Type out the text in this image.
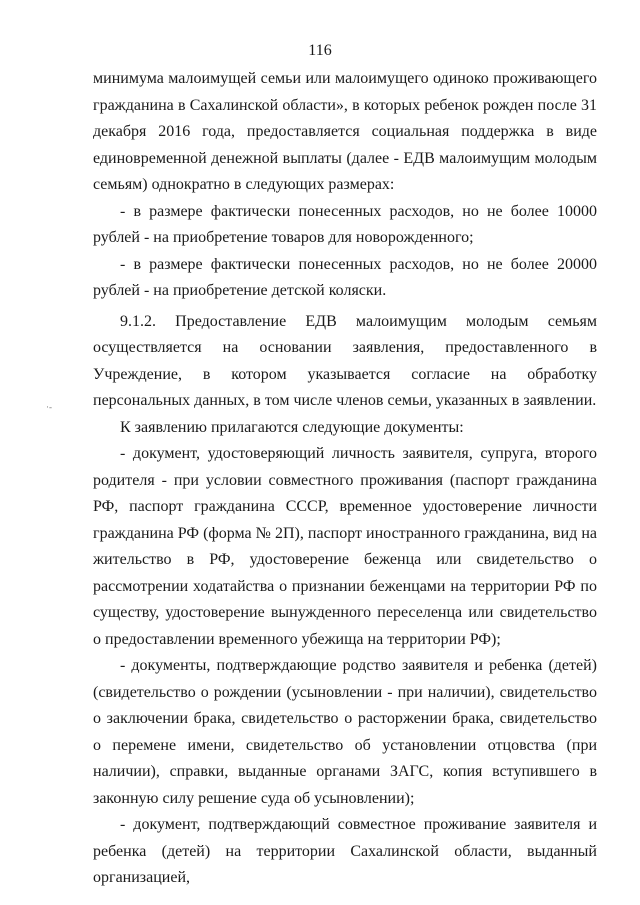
116
·-

минимума малоимущей семьи или малоимущего одиноко проживающего гражданина в Сахалинской области», в которых ребенок рожден после 31 декабря 2016 года, предоставляется социальная поддержка в виде единовременной денежной выплаты (далее - ЕДВ малоимущим молодым семьям) однократно в следующих размерах:

- в размере фактически понесенных расходов, но не более 10000 рублей - на приобретение товаров для новорожденного;

- в размере фактически понесенных расходов, но не более 20000 рублей - на приобретение детской коляски.

9.1.2. Предоставление ЕДВ малоимущим молодым семьям осуществляется на основании заявления, предоставленного в Учреждение, в котором указывается согласие на обработку персональных данных, в том числе членов семьи, указанных в заявлении.

К заявлению прилагаются следующие документы:

- документ, удостоверяющий личность заявителя, супруга, второго родителя - при условии совместного проживания (паспорт гражданина РФ, паспорт гражданина СССР, временное удостоверение личности гражданина РФ (форма № 2П), паспорт иностранного гражданина, вид на жительство в РФ, удостоверение беженца или свидетельство о рассмотрении ходатайства о признании беженцами на территории РФ по существу, удостоверение вынужденного переселенца или свидетельство о предоставлении временного убежища на территории РФ);

- документы, подтверждающие родство заявителя и ребенка (детей) (свидетельство о рождении (усыновлении - при наличии), свидетельство о заключении брака, свидетельство о расторжении брака, свидетельство о перемене имени, свидетельство об установлении отцовства (при наличии), справки, выданные органами ЗАГС, копия вступившего в законную силу решение суда об усыновлении);

- документ, подтверждающий совместное проживание заявителя и ребенка (детей) на территории Сахалинской области, выданный организацией,
